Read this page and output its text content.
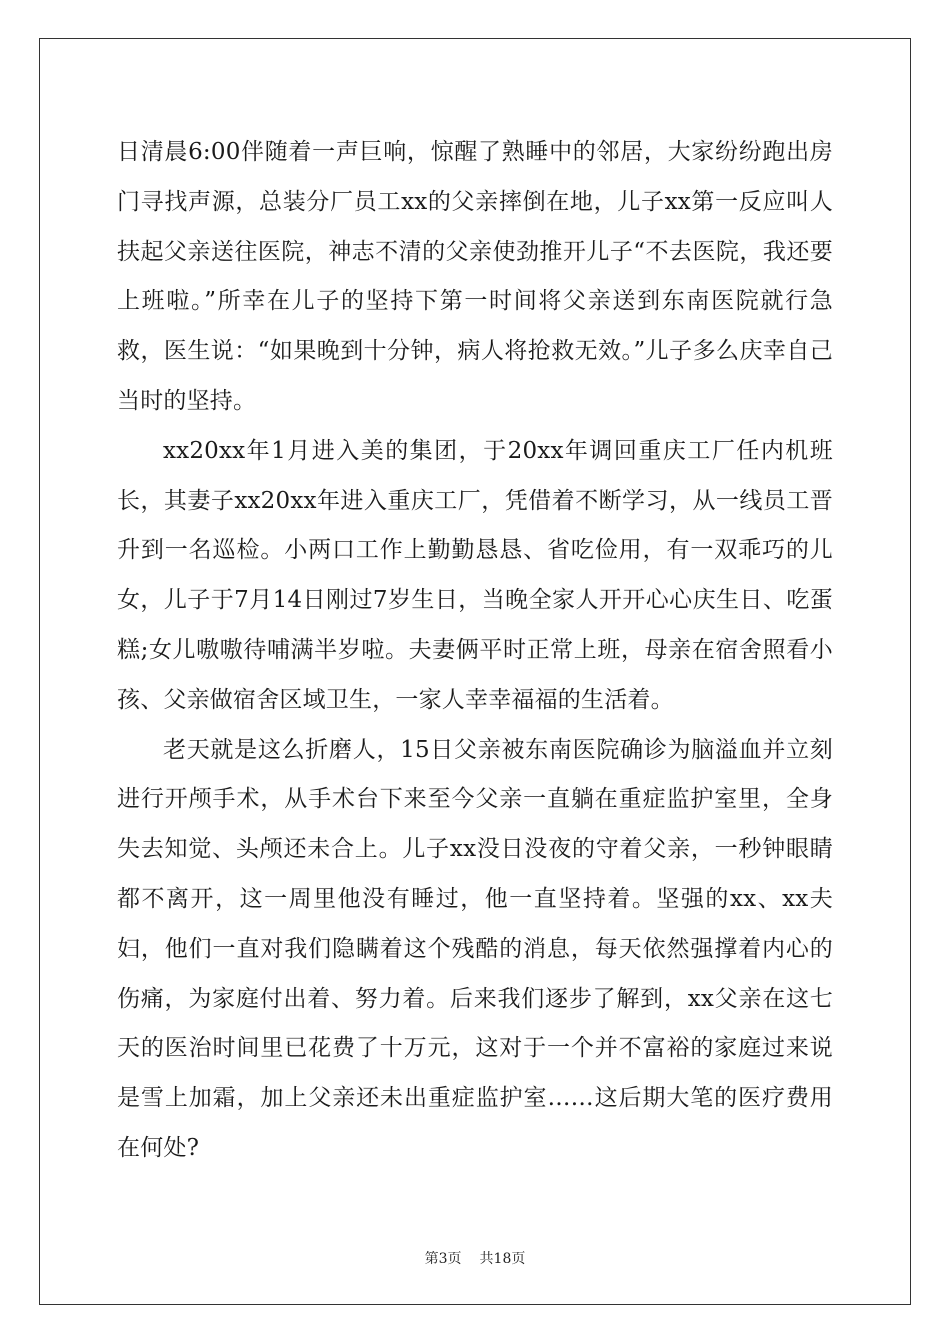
日清晨6:00伴随着一声巨响，惊醒了熟睡中的邻居，大家纷纷跑出房门寻找声源，总装分厂员工xx的父亲摔倒在地，儿子xx第一反应叫人扶起父亲送往医院，神志不清的父亲使劲推开儿子“不去医院，我还要上班啦。”所幸在儿子的坚持下第一时间将父亲送到东南医院就行急救，医生说：“如果晚到十分钟，病人将抢救无效。”儿子多么庆幸自己当时的坚持。

xx20xx年1月进入美的集团，于20xx年调回重庆工厂任内机班长，其妻子xx20xx年进入重庆工厂，凭借着不断学习，从一线员工晋升到一名巡检。小两口工作上勤勤恳恳、省吃俭用，有一双乖巧的儿女，儿子于7月14日刚过7岁生日，当晚全家人开开心心庆生日、吃蛋糕;女儿嗷嗷待哺满半岁啦。夫妻俩平时正常上班，母亲在宿舍照看小孩、父亲做宿舍区域卫生，一家人幸幸福福的生活着。

老天就是这么折磨人，15日父亲被东南医院确诊为脑溢血并立刻进行开颅手术，从手术台下来至今父亲一直躺在重症监护室里，全身失去知觉、头颅还未合上。儿子xx没日没夜的守着父亲，一秒钟眼睛都不离开，这一周里他没有睡过，他一直坚持着。坚强的xx、xx夫妇，他们一直对我们隐瞒着这个残酷的消息，每天依然强撑着内心的伤痛，为家庭付出着、努力着。后来我们逐步了解到，xx父亲在这七天的医治时间里已花费了十万元，这对于一个并不富裕的家庭过来说是雪上加霜，加上父亲还未出重症监护室……这后期大笔的医疗费用在何处?

第3页 共18页
